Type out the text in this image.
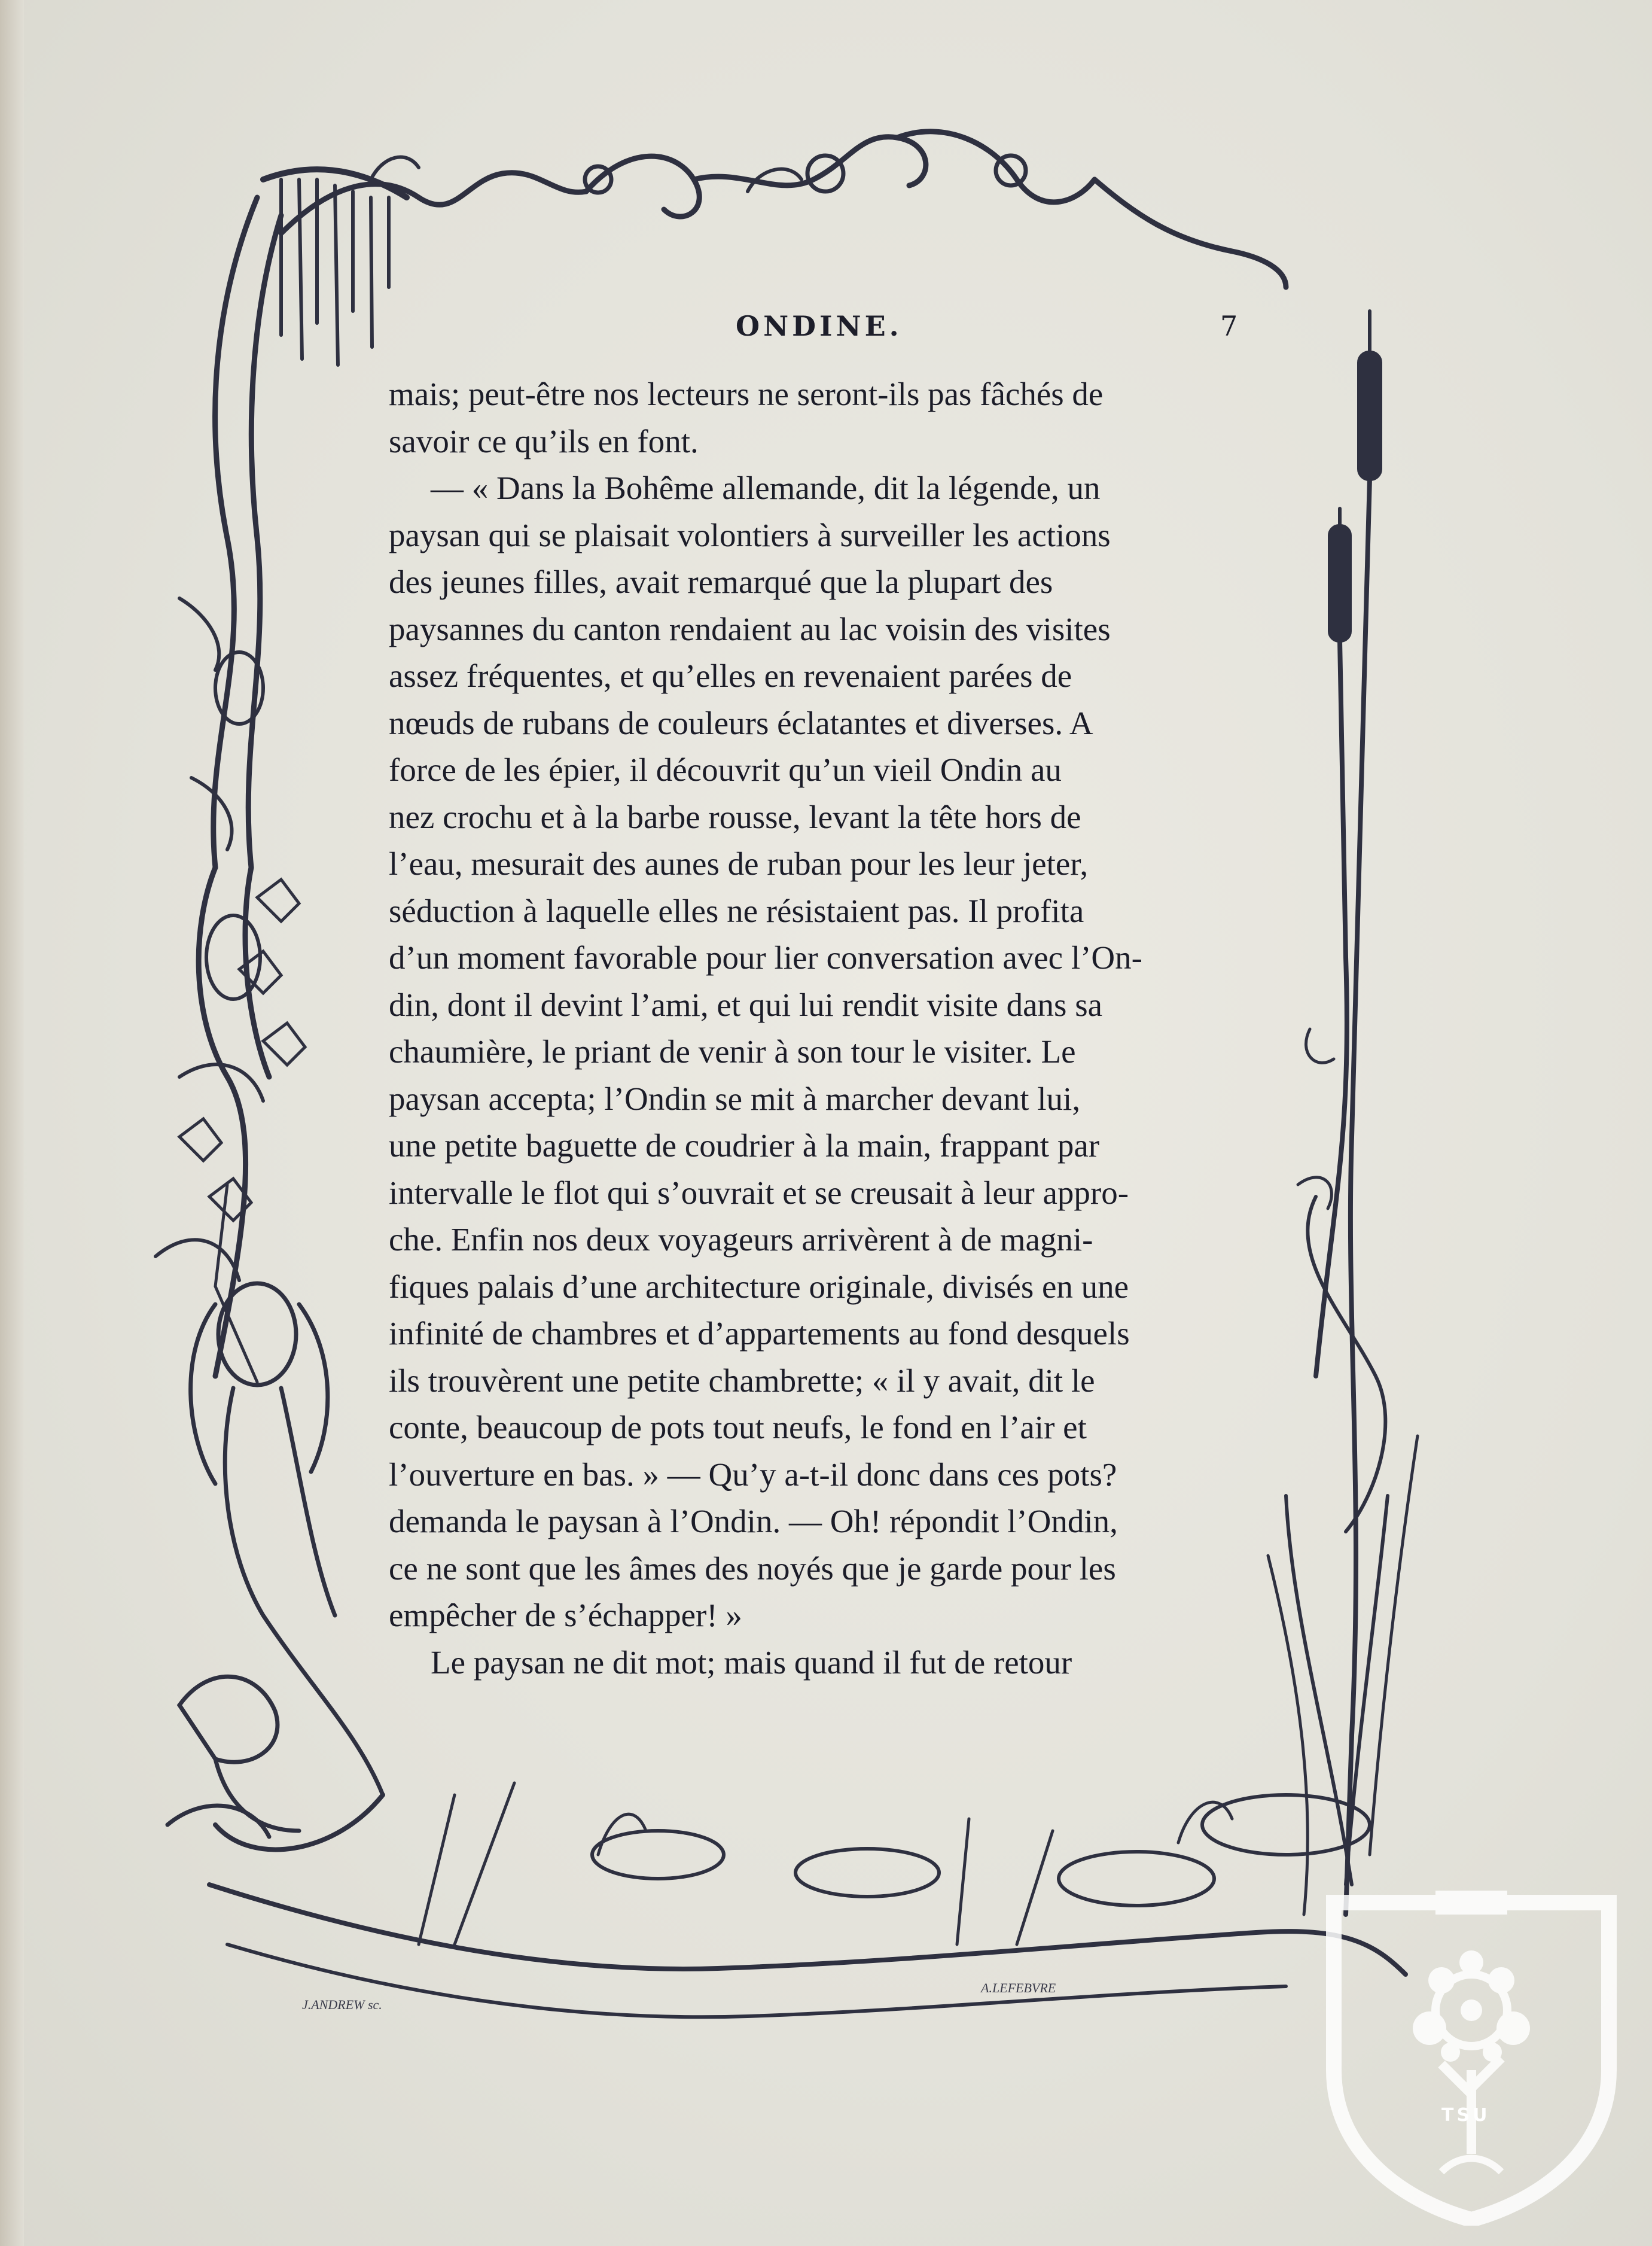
ONDINE.	7
mais; peut-être nos lecteurs ne seront-ils pas fâchés de
savoir ce qu’ils en font.
— « Dans la Bohême allemande, dit la légende, un
paysan qui se plaisait volontiers à surveiller les actions
des jeunes filles, avait remarqué que la plupart des
paysannes du canton rendaient au lac voisin des visites
assez fréquentes, et qu’elles en revenaient parées de
nœuds de rubans de couleurs éclatantes et diverses. A
force de les épier, il découvrit qu’un vieil Ondin au
nez crochu et à la barbe rousse, levant la tête hors de
l’eau, mesurait des aunes de ruban pour les leur jeter,
séduction à laquelle elles ne résistaient pas. Il profita
d’un moment favorable pour lier conversation avec l’On-
din, dont il devint l’ami, et qui lui rendit visite dans sa
chaumière, le priant de venir à son tour le visiter. Le
paysan accepta; l’Ondin se mit à marcher devant lui,
une petite baguette de coudrier à la main, frappant par
intervalle le flot qui s’ouvrait et se creusait à leur appro-
che. Enfin nos deux voyageurs arrivèrent à de magni-
fiques palais d’une architecture originale, divisés en une
infinité de chambres et d’appartements au fond desquels
ils trouvèrent une petite chambrette; « il y avait, dit le
conte, beaucoup de pots tout neufs, le fond en l’air et
l’ouverture en bas. » — Qu’y a-t-il donc dans ces pots?
demanda le paysan à l’Ondin. — Oh! répondit l’Ondin,
ce ne sont que les âmes des noyés que je garde pour les
empêcher de s’échapper! »
Le paysan ne dit mot; mais quand il fut de retour
J.ANDREW sc.
A.LEFEBVRE
TSU
